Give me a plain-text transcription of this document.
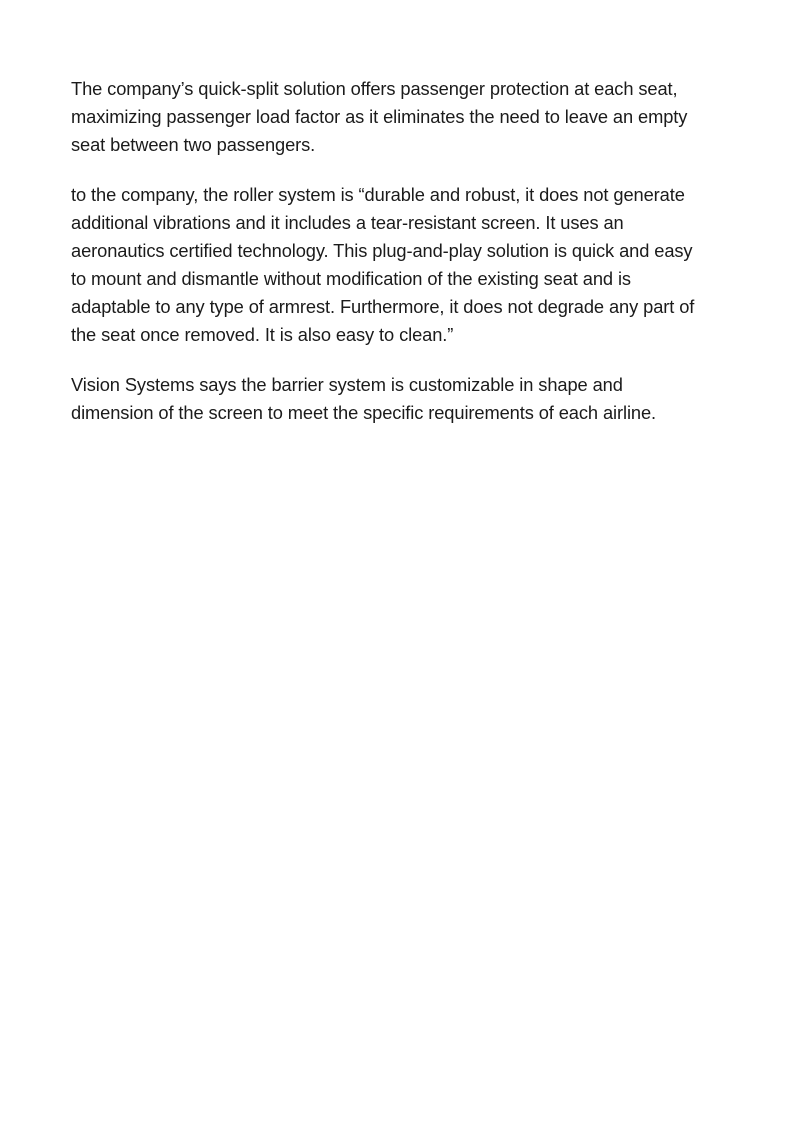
The company’s quick-split solution offers passenger protection at each seat,
maximizing passenger load factor as it eliminates the need to leave an empty
seat between two passengers.

to the company, the roller system is “durable and robust, it does not generate
additional vibrations and it includes a tear-resistant screen. It uses an
aeronautics certified technology. This plug-and-play solution is quick and easy
to mount and dismantle without modification of the existing seat and is
adaptable to any type of armrest. Furthermore, it does not degrade any part of
the seat once removed. It is also easy to clean.”

Vision Systems says the barrier system is customizable in shape and
dimension of the screen to meet the specific requirements of each airline.
